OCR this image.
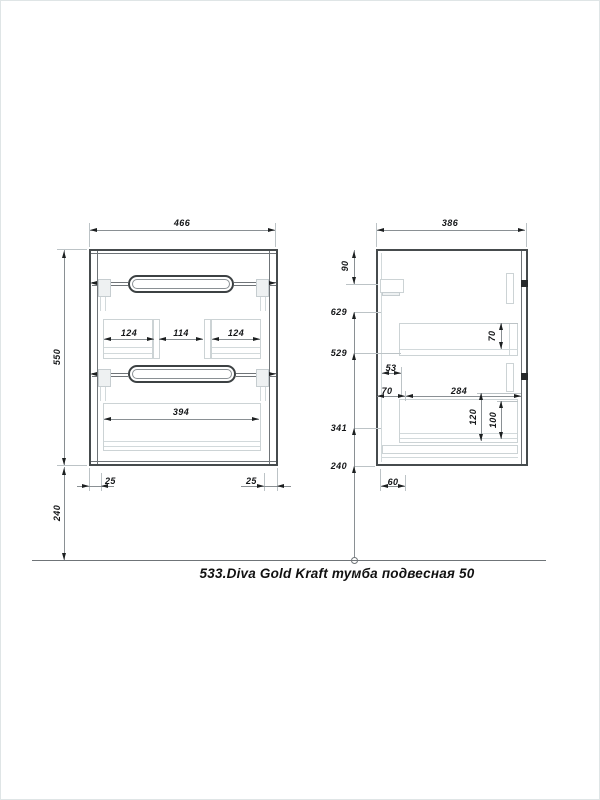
124	114	124
394
466
550
240
25	25
386
90
629
529
341
240
53
70	284
70
120 100
60
533.Diva Gold Kraft тумба подвесная 50
